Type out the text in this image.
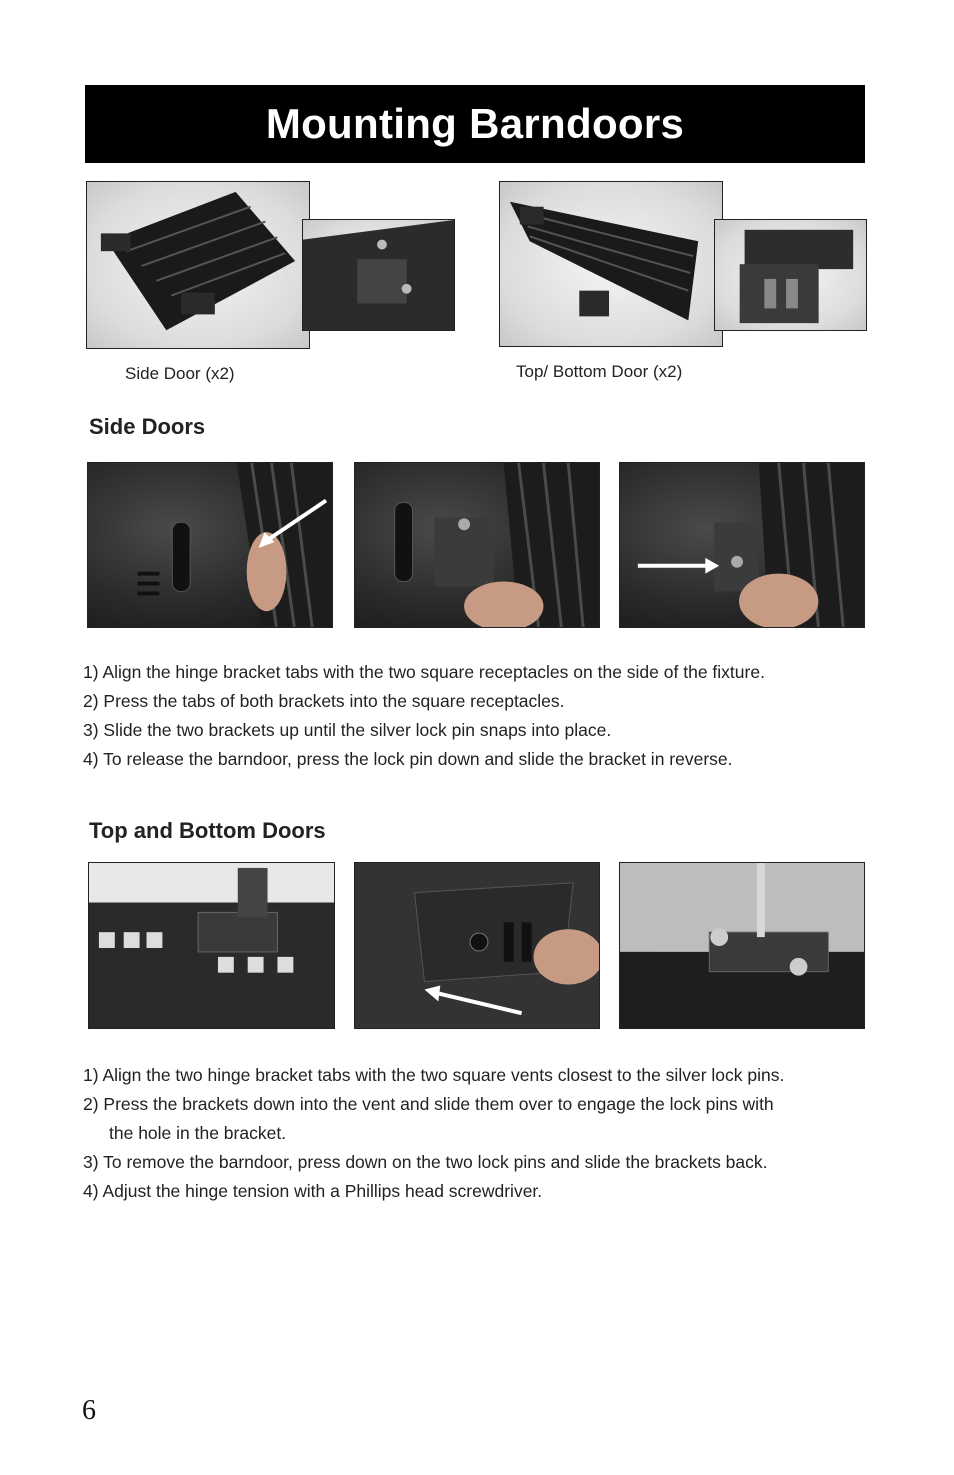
Mounting Barndoors
Side Door (x2)	Top/ Bottom Door (x2)
Side Doors
1) Align the hinge bracket tabs with the two square receptacles on the side of the fixture.
2) Press the tabs of both brackets into the square receptacles.
3) Slide the two brackets up until the silver lock pin snaps into place.
4) To release the barndoor, press the lock pin down and slide the bracket in reverse.
Top and Bottom Doors
1) Align the two hinge bracket tabs with the two square vents closest to the silver lock pins.
2) Press the brackets down into the vent and slide them over to engage the lock pins with
the hole in the bracket.
3) To remove the barndoor, press down on the two lock pins and slide the brackets back.
4) Adjust the hinge tension with a Phillips head screwdriver.
6
